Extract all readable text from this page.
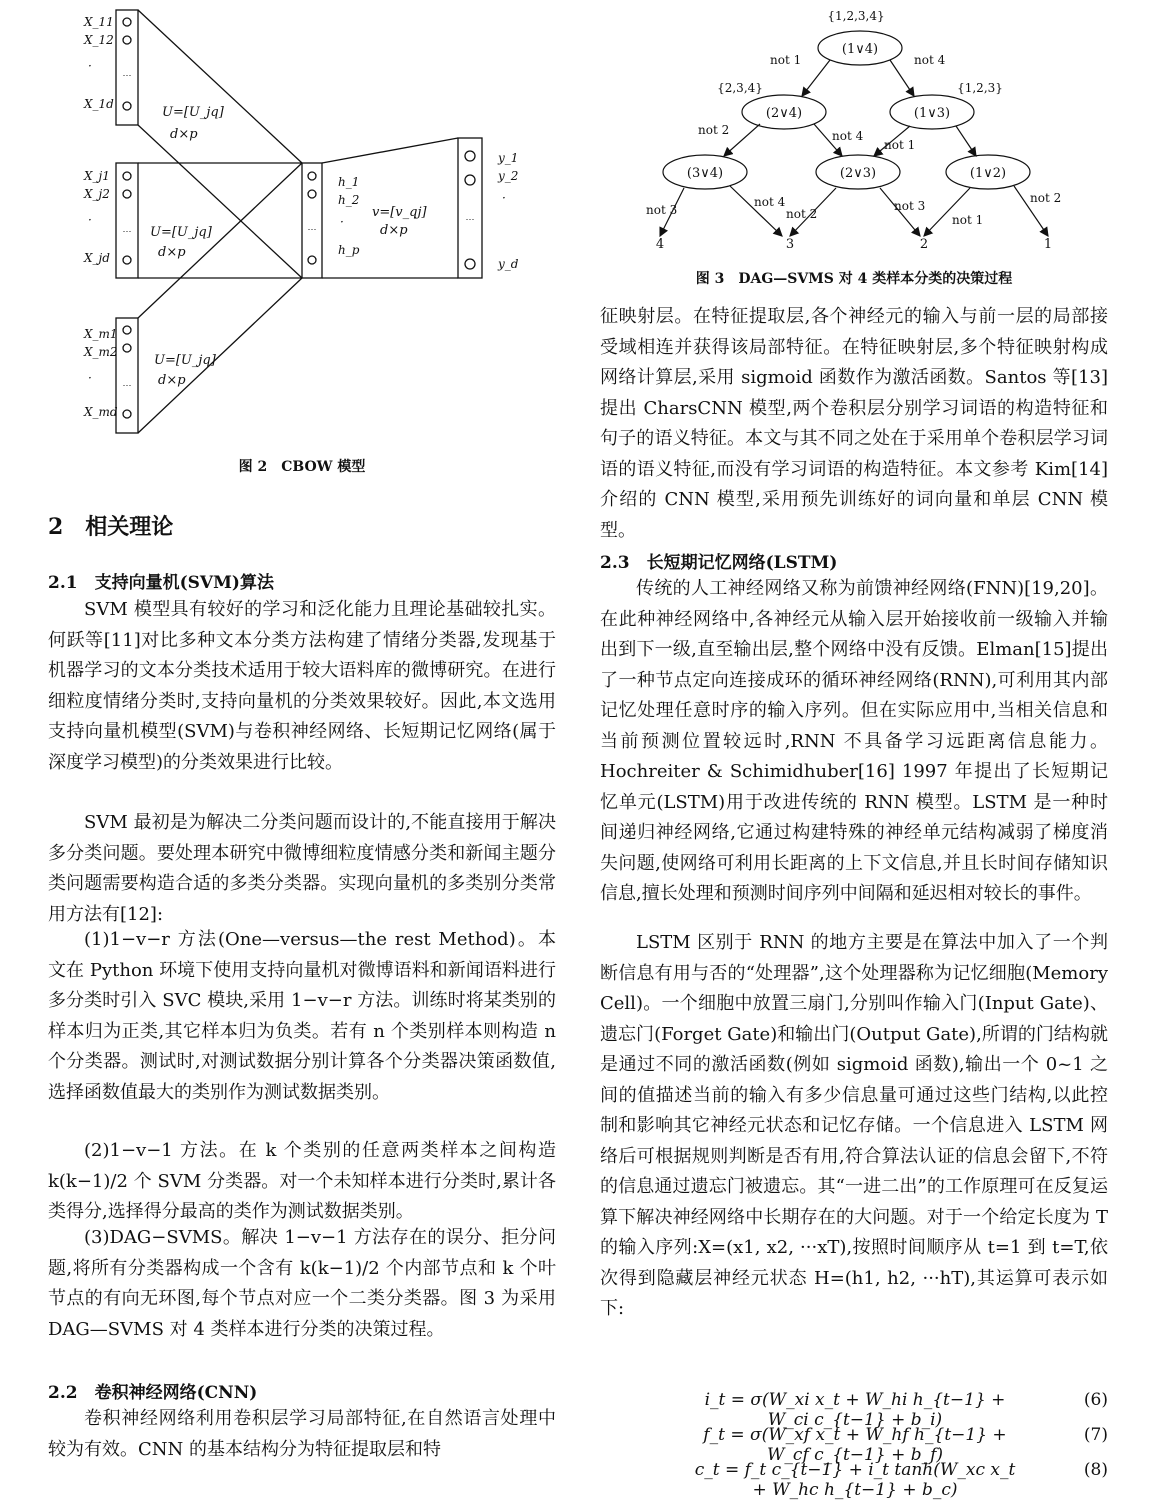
⋯
⋯
⋯
⋯
⋯
X_11
X_12
·
X_1d
X_j1
X_j2
·
X_jd
X_m1
X_m2
·
X_md
U=[U_jq]
d×p
U=[U_jq]
d×p
U=[U_jq]
d×p
v=[v_qj]
d×p
h_1
h_2
·
h_p
y_1
y_2
·
y_d
图 2　CBOW 模型
2　相关理论
2.1　支持向量机(SVM)算法

SVM 模型具有较好的学习和泛化能力且理论基础较扎实。何跃等[11]对比多种文本分类方法构建了情绪分类器,发现基于机器学习的文本分类技术适用于较大语料库的微博研究。在进行细粒度情绪分类时,支持向量机的分类效果较好。因此,本文选用支持向量机模型(SVM)与卷积神经网络、长短期记忆网络(属于深度学习模型)的分类效果进行比较。

SVM 最初是为解决二分类问题而设计的,不能直接用于解决多分类问题。要处理本研究中微博细粒度情感分类和新闻主题分类问题需要构造合适的多类分类器。实现向量机的多类别分类常用方法有[12]:

(1)1−v−r 方法(One—versus—the rest Method)。本文在 Python 环境下使用支持向量机对微博语料和新闻语料进行多分类时引入 SVC 模块,采用 1−v−r 方法。训练时将某类别的样本归为正类,其它样本归为负类。若有 n 个类别样本则构造 n 个分类器。测试时,对测试数据分别计算各个分类器决策函数值,选择函数值最大的类别作为测试数据类别。

(2)1−v−1 方法。在 k 个类别的任意两类样本之间构造 k(k−1)/2 个 SVM 分类器。对一个未知样本进行分类时,累计各类得分,选择得分最高的类作为测试数据类别。

(3)DAG−SVMS。解决 1−v−1 方法存在的误分、拒分问题,将所有分类器构成一个含有 k(k−1)/2 个内部节点和 k 个叶节点的有向无环图,每个节点对应一个二类分类器。图 3 为采用 DAG—SVMS 对 4 类样本进行分类的决策过程。

2.2　卷积神经网络(CNN)

卷积神经网络利用卷积层学习局部特征,在自然语言处理中较为有效。CNN 的基本结构分为特征提取层和特

(1∨4)
(2∨4)	(1∨3)
(3∨4)	(2∨3)	(1∨2)
{1,2,3,4}
{2,3,4}	{1,2,3}
not 1	not 4
not 2	not 4
not 1
not 3	not 3
not 4
not 2	not 1
not 2
4	3	2	1
图 3　DAG—SVMS 对 4 类样本分类的决策过程

征映射层。在特征提取层,各个神经元的输入与前一层的局部接受域相连并获得该局部特征。在特征映射层,多个特征映射构成网络计算层,采用 sigmoid 函数作为激活函数。Santos 等[13]提出 CharsCNN 模型,两个卷积层分别学习词语的构造特征和句子的语义特征。本文与其不同之处在于采用单个卷积层学习词语的语义特征,而没有学习词语的构造特征。本文参考 Kim[14]介绍的 CNN 模型,采用预先训练好的词向量和单层 CNN 模型。

2.3　长短期记忆网络(LSTM)

传统的人工神经网络又称为前馈神经网络(FNN)[19,20]。在此种神经网络中,各神经元从输入层开始接收前一级输入并输出到下一级,直至输出层,整个网络中没有反馈。Elman[15]提出了一种节点定向连接成环的循环神经网络(RNN),可利用其内部记忆处理任意时序的输入序列。但在实际应用中,当相关信息和当前预测位置较远时,RNN 不具备学习远距离信息能力。Hochreiter & Schimidhuber[16] 1997 年提出了长短期记忆单元(LSTM)用于改进传统的 RNN 模型。LSTM 是一种时间递归神经网络,它通过构建特殊的神经单元结构减弱了梯度消失问题,使网络可利用长距离的上下文信息,并且长时间存储知识信息,擅长处理和预测时间序列中间隔和延迟相对较长的事件。

LSTM 区别于 RNN 的地方主要是在算法中加入了一个判断信息有用与否的“处理器”,这个处理器称为记忆细胞(Memory Cell)。一个细胞中放置三扇门,分别叫作输入门(Input Gate)、遗忘门(Forget Gate)和输出门(Output Gate),所谓的门结构就是通过不同的激活函数(例如 sigmoid 函数),输出一个 0~1 之间的值描述当前的输入有多少信息量可通过这些门结构,以此控制和影响其它神经元状态和记忆存储。一个信息进入 LSTM 网络后可根据规则判断是否有用,符合算法认证的信息会留下,不符的信息通过遗忘门被遗忘。其“一进二出”的工作原理可在反复运算下解决神经网络中长期存在的大问题。对于一个给定长度为 T 的输入序列:X=(x1, x2, ···xT),按照时间顺序从 t=1 到 t=T,依次得到隐藏层神经元状态 H=(h1, h2, ···hT),其运算可表示如下:

i_t = σ(W_xi x_t + W_hi h_{t−1} + W_ci c_{t−1} + b_i)
(6)
f_t = σ(W_xf x_t + W_hf h_{t−1} + W_cf c_{t−1} + b_f)
(7)
c_t = f_t c_{t−1} + i_t tanh(W_xc x_t + W_hc h_{t−1} + b_c)
(8)
